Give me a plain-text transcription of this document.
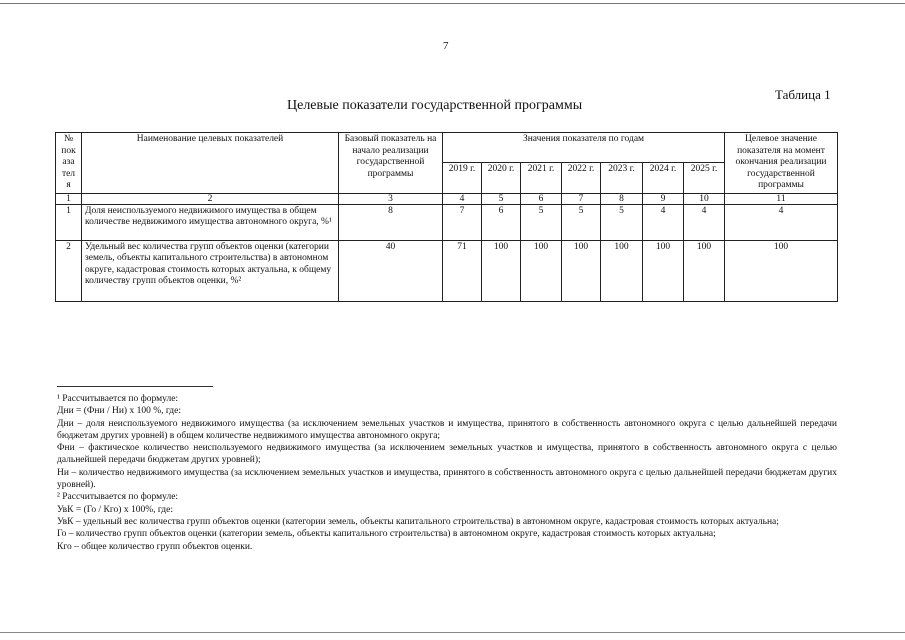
7
Таблица 1
Целевые показатели государственной программы
№ пок аза тел я	Наименование целевых показателей	Базовый показатель на начало реализации государственной программы	Значения показателя по годам							Целевое значение показателя на момент окончания реализации государственной программы
			2019 г.	2020 г.	2021 г.	2022 г.	2023 г.	2024 г.	2025 г.	
1	2	3	4	5	6	7	8	9	10	11
1	Доля неиспользуемого недвижимого имущества в общем количестве недвижимого имущества автономного округа, %¹	8	7	6	5	5	5	4	4	4
2	Удельный вес количества групп объектов оценки (категории земель, объекты капитального строительства) в автономном округе, кадастровая стоимость которых актуальна, к общему количеству групп объектов оценки, %²	40	71	100	100	100	100	100	100	100

¹ Рассчитывается по формуле:

Дни = (Фни / Ни) х 100 %, где:

Дни – доля неиспользуемого недвижимого имущества (за исключением земельных участков и имущества, принятого в собственность автономного округа с целью дальнейшей передачи бюджетам других уровней) в общем количестве недвижимого имущества автономного округа;

Фни – фактическое количество неиспользуемого недвижимого имущества (за исключением земельных участков и имущества, принятого в собственность автономного округа с целью дальнейшей передачи бюджетам других уровней);

Ни – количество недвижимого имущества (за исключением земельных участков и имущества, принятого в собственность автономного округа с целью дальнейшей передачи бюджетам других уровней).

² Рассчитывается по формуле:

УвК = (Го / Кго) х 100%, где:

УвК – удельный вес количества групп объектов оценки (категории земель, объекты капитального строительства) в автономном округе, кадастровая стоимость которых актуальна;

Го – количество групп объектов оценки (категории земель, объекты капитального строительства) в автономном округе, кадастровая стоимость которых актуальна;

Кго – общее количество групп объектов оценки.
